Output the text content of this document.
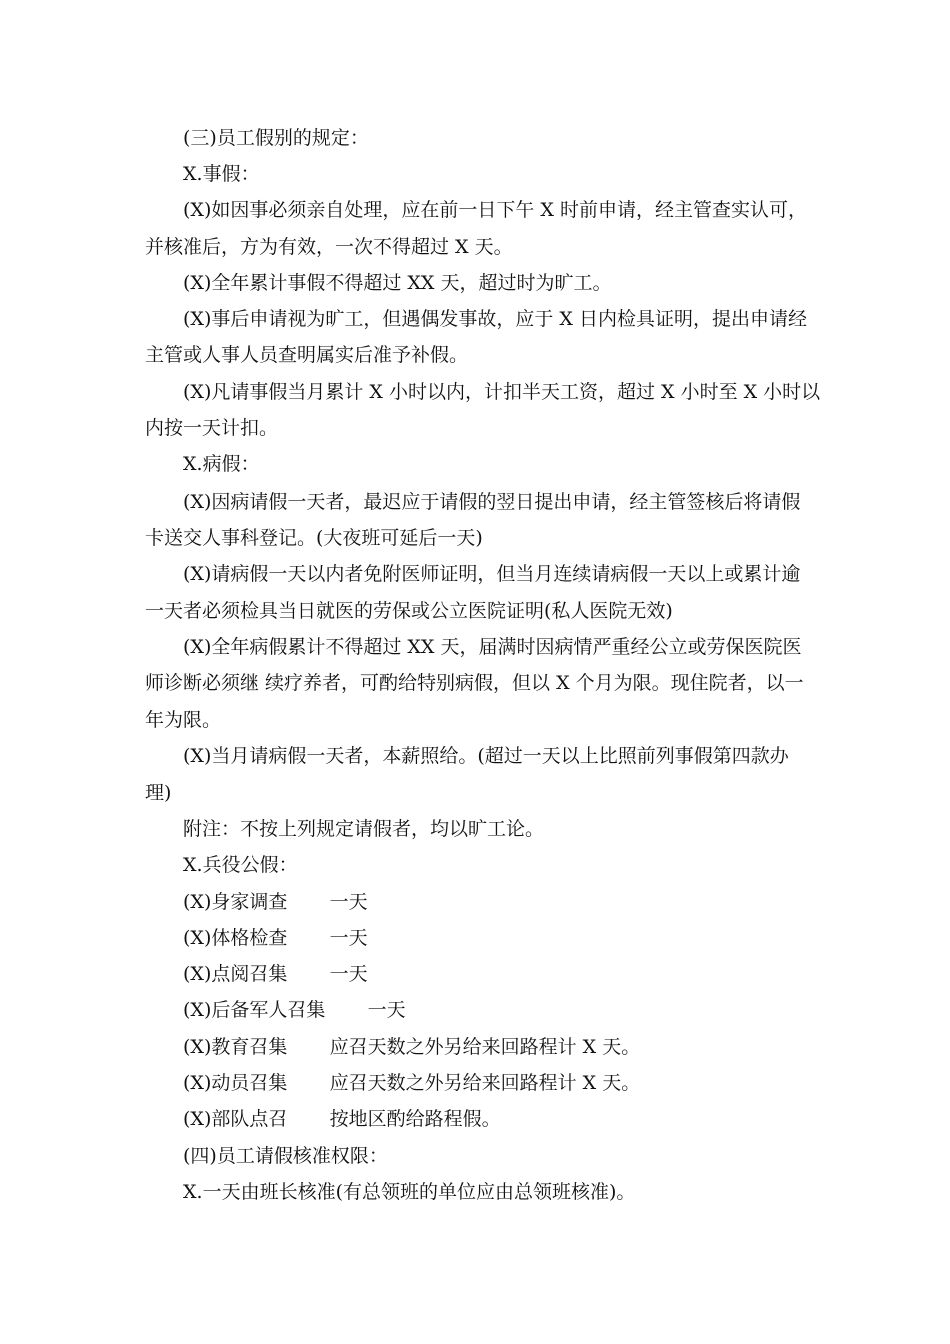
(三)员工假别的规定：
X.事假：
(X)如因事必须亲自处理，应在前一日下午 X 时前申请，经主管查实认可，
并核准后，方为有效，一次不得超过 X 天。
(X)全年累计事假不得超过 XX 天，超过时为旷工。
(X)事后申请视为旷工，但遇偶发事故，应于 X 日内检具证明，提出申请经
主管或人事人员查明属实后准予补假。
(X)凡请事假当月累计 X 小时以内，计扣半天工资，超过 X 小时至 X 小时以
内按一天计扣。
X.病假：
(X)因病请假一天者，最迟应于请假的翌日提出申请，经主管签核后将请假
卡送交人事科登记。(大夜班可延后一天)
(X)请病假一天以内者免附医师证明，但当月连续请病假一天以上或累计逾
一天者必须检具当日就医的劳保或公立医院证明(私人医院无效)
(X)全年病假累计不得超过 XX 天，届满时因病情严重经公立或劳保医院医
师诊断必须继 续疗养者，可酌给特别病假，但以 X 个月为限。现住院者，以一
年为限。
(X)当月请病假一天者，本薪照给。(超过一天以上比照前列事假第四款办
理)
附注：不按上列规定请假者，均以旷工论。
X.兵役公假：
(X)身家调查       一天
(X)体格检查       一天
(X)点阅召集       一天
(X)后备军人召集       一天
(X)教育召集       应召天数之外另给来回路程计 X 天。
(X)动员召集       应召天数之外另给来回路程计 X 天。
(X)部队点召       按地区酌给路程假。
(四)员工请假核准权限：
X.一天由班长核准(有总领班的单位应由总领班核准)。
